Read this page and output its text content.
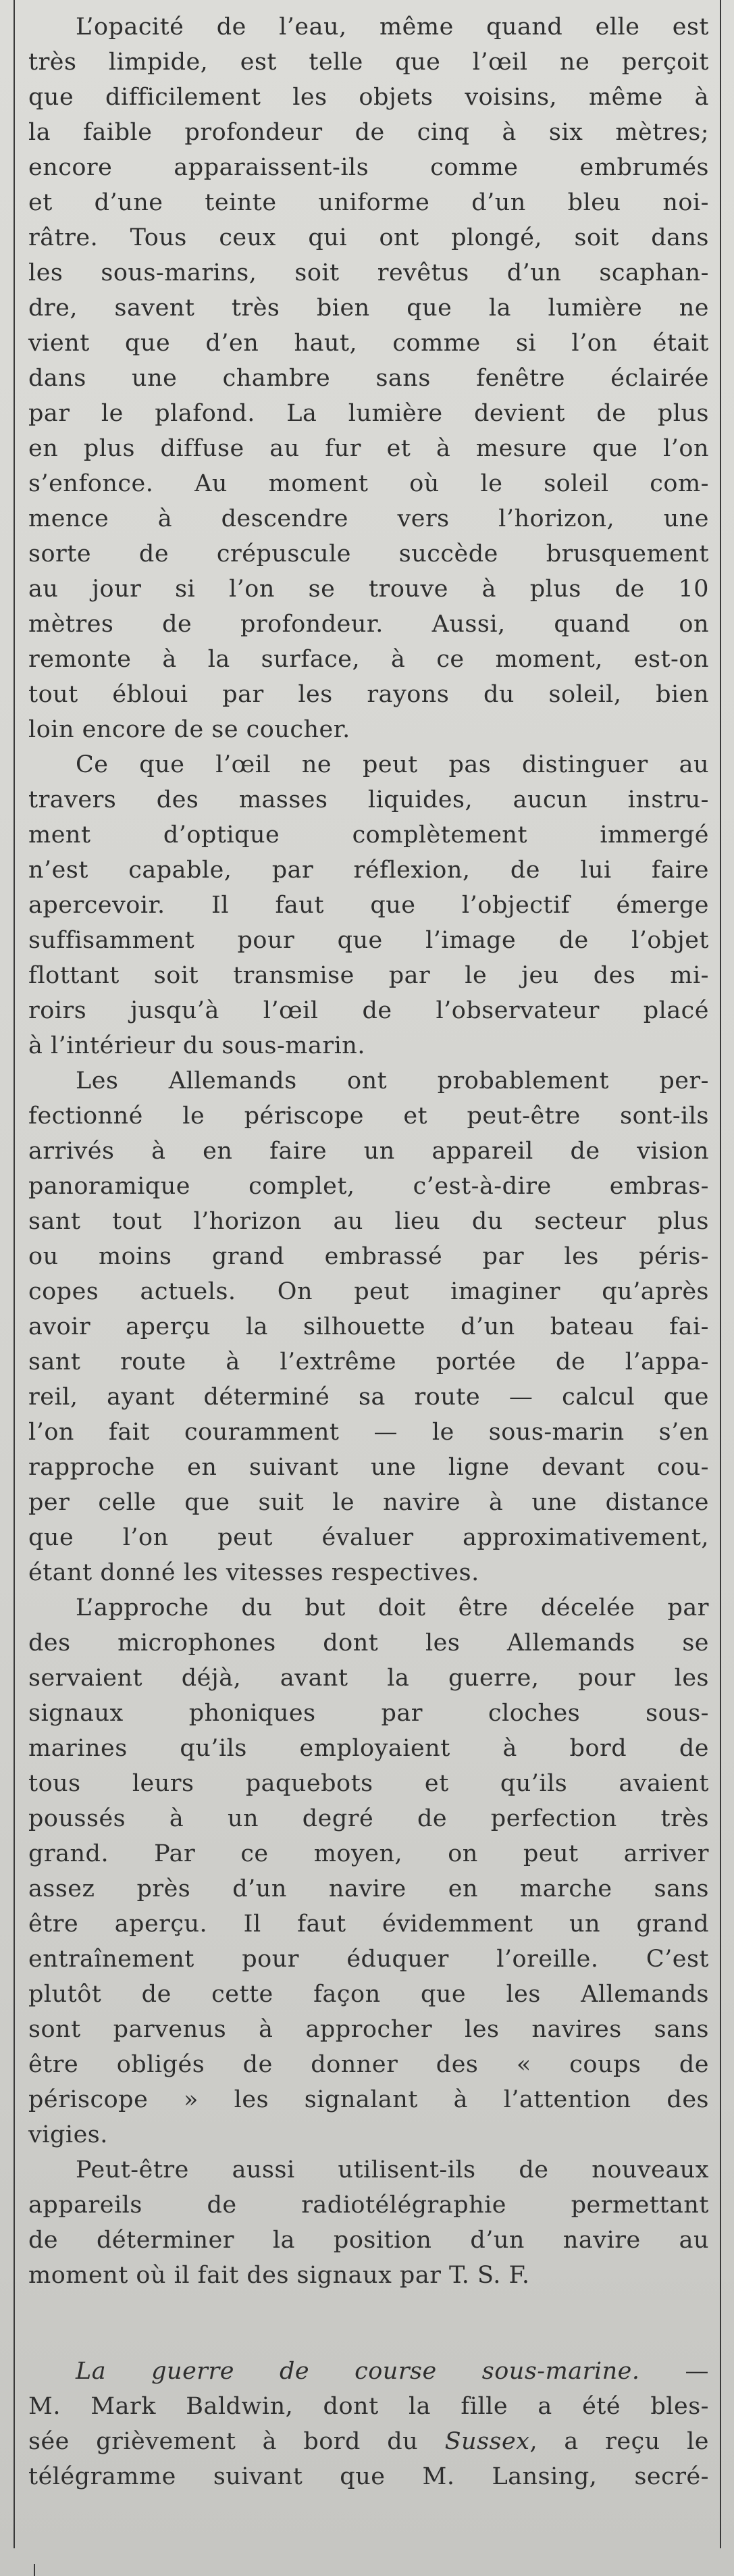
L’opacité de l’eau, même quand elle est
très limpide, est telle que l’œil ne perçoit
que difficilement les objets voisins, même à
la faible profondeur de cinq à six mètres;
encore apparaissent-ils comme embrumés
et d’une teinte uniforme d’un bleu noi-
râtre. Tous ceux qui ont plongé, soit dans
les sous-marins, soit revêtus d’un scaphan-
dre, savent très bien que la lumière ne
vient que d’en haut, comme si l’on était
dans une chambre sans fenêtre éclairée
par le plafond. La lumière devient de plus
en plus diffuse au fur et à mesure que l’on
s’enfonce. Au moment où le soleil com-
mence à descendre vers l’horizon, une
sorte de crépuscule succède brusquement
au jour si l’on se trouve à plus de 10
mètres de profondeur. Aussi, quand on
remonte à la surface, à ce moment, est-on
tout ébloui par les rayons du soleil, bien
loin encore de se coucher.
Ce que l’œil ne peut pas distinguer au
travers des masses liquides, aucun instru-
ment d’optique complètement immergé
n’est capable, par réflexion, de lui faire
apercevoir. Il faut que l’objectif émerge
suffisamment pour que l’image de l’objet
flottant soit transmise par le jeu des mi-
roirs jusqu’à l’œil de l’observateur placé
à l’intérieur du sous-marin.
Les Allemands ont probablement per-
fectionné le périscope et peut-être sont-ils
arrivés à en faire un appareil de vision
panoramique complet, c’est-à-dire embras-
sant tout l’horizon au lieu du secteur plus
ou moins grand embrassé par les péris-
copes actuels. On peut imaginer qu’après
avoir aperçu la silhouette d’un bateau fai-
sant route à l’extrême portée de l’appa-
reil, ayant déterminé sa route — calcul que
l’on fait couramment — le sous-marin s’en
rapproche en suivant une ligne devant cou-
per celle que suit le navire à une distance
que l’on peut évaluer approximativement,
étant donné les vitesses respectives.
L’approche du but doit être décelée par
des microphones dont les Allemands se
servaient déjà, avant la guerre, pour les
signaux phoniques par cloches sous-
marines qu’ils employaient à bord de
tous leurs paquebots et qu’ils avaient
poussés à un degré de perfection très
grand. Par ce moyen, on peut arriver
assez près d’un navire en marche sans
être aperçu. Il faut évidemment un grand
entraînement pour éduquer l’oreille. C’est
plutôt de cette façon que les Allemands
sont parvenus à approcher les navires sans
être obligés de donner des « coups de
périscope » les signalant à l’attention des
vigies.
Peut-être aussi utilisent-ils de nouveaux
appareils de radiotélégraphie permettant
de déterminer la position d’un navire au
moment où il fait des signaux par T. S. F.
La guerre de course sous-marine. —
M. Mark Baldwin, dont la fille a été bles-
sée grièvement à bord du Sussex, a reçu le
télégramme suivant que M. Lansing, secré-
